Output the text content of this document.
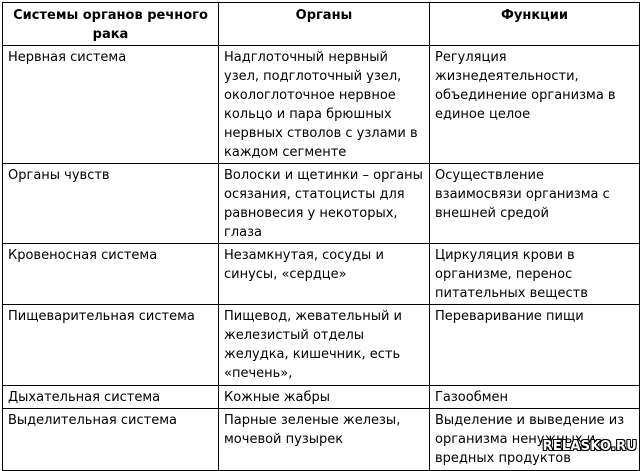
Системы органов речного рака	Органы	Функции
Нервная система	Надглоточный нервный узел, подглоточный узел, окологлоточное нервное кольцо и пара брюшных нервных стволов с узлами в каждом сегменте	Регуляция жизнедеятельности, объединение организма в единое целое
Органы чувств	Волоски и щетинки – органы осязания, статоцисты для равновесия у некоторых, глаза	Осуществление взаимосвязи организма с внешней средой
Кровеносная система	Незамкнутая, сосуды и синусы, «сердце»	Циркуляция крови в организме, перенос питательных веществ
Пищеварительная система	Пищевод, жевательный и железистый отделы желудка, кишечник, есть «печень»,	Переваривание пищи
Дыхательная система	Кожные жабры	Газообмен
Выделительная система	Парные зеленые железы, мочевой пузырек	Выделение и выведение из организма ненужных и вредных продуктов
RELASKO.RU
